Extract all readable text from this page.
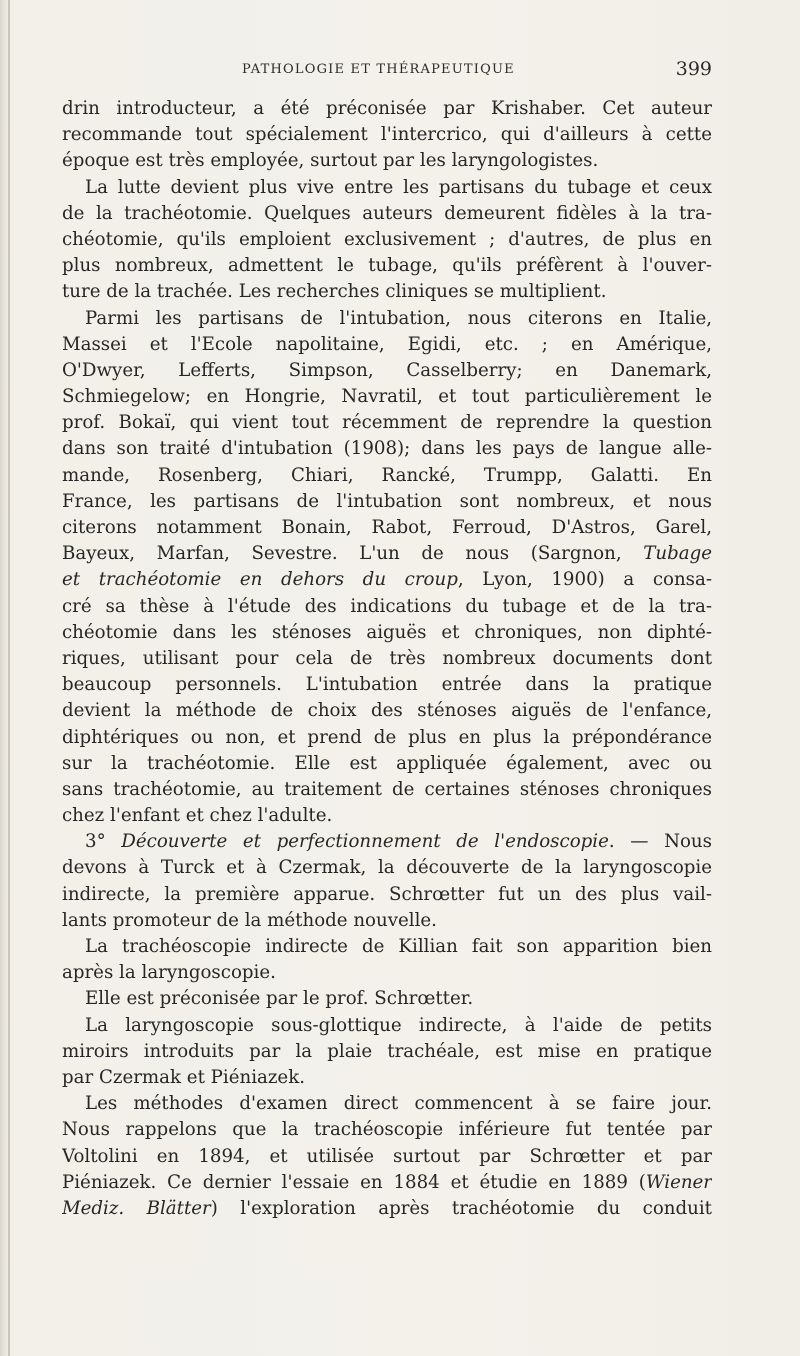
PATHOLOGIE ET THÉRAPEUTIQUE	399
drin introducteur, a été préconisée par Krishaber. Cet auteur
recommande tout spécialement l'intercrico, qui d'ailleurs à cette
époque est très employée, surtout par les laryngologistes.
La lutte devient plus vive entre les partisans du tubage et ceux
de la trachéotomie. Quelques auteurs demeurent fidèles à la tra-
chéotomie, qu'ils emploient exclusivement ; d'autres, de plus en
plus nombreux, admettent le tubage, qu'ils préfèrent à l'ouver-
ture de la trachée. Les recherches cliniques se multiplient.
Parmi les partisans de l'intubation, nous citerons en Italie,
Massei et l'Ecole napolitaine, Egidi, etc. ; en Amérique,
O'Dwyer, Lefferts, Simpson, Casselberry; en Danemark,
Schmiegelow; en Hongrie, Navratil, et tout particulièrement le
prof. Bokaï, qui vient tout récemment de reprendre la question
dans son traité d'intubation (1908); dans les pays de langue alle-
mande, Rosenberg, Chiari, Rancké, Trumpp, Galatti. En
France, les partisans de l'intubation sont nombreux, et nous
citerons notamment Bonain, Rabot, Ferroud, D'Astros, Garel,
Bayeux, Marfan, Sevestre. L'un de nous (Sargnon, Tubage
et trachéotomie en dehors du croup, Lyon, 1900) a consa-
cré sa thèse à l'étude des indications du tubage et de la tra-
chéotomie dans les sténoses aiguës et chroniques, non diphté-
riques, utilisant pour cela de très nombreux documents dont
beaucoup personnels. L'intubation entrée dans la pratique
devient la méthode de choix des sténoses aiguës de l'enfance,
diphtériques ou non, et prend de plus en plus la prépondérance
sur la trachéotomie. Elle est appliquée également, avec ou
sans trachéotomie, au traitement de certaines sténoses chroniques
chez l'enfant et chez l'adulte.
3° Découverte et perfectionnement de l'endoscopie. — Nous
devons à Turck et à Czermak, la découverte de la laryngoscopie
indirecte, la première apparue. Schrœtter fut un des plus vail-
lants promoteur de la méthode nouvelle.
La trachéoscopie indirecte de Killian fait son apparition bien
après la laryngoscopie.
Elle est préconisée par le prof. Schrœtter.
La laryngoscopie sous-glottique indirecte, à l'aide de petits
miroirs introduits par la plaie trachéale, est mise en pratique
par Czermak et Piéniazek.
Les méthodes d'examen direct commencent à se faire jour.
Nous rappelons que la trachéoscopie inférieure fut tentée par
Voltolini en 1894, et utilisée surtout par Schrœtter et par
Piéniazek. Ce dernier l'essaie en 1884 et étudie en 1889 (Wiener
Mediz. Blätter) l'exploration après trachéotomie du conduit
